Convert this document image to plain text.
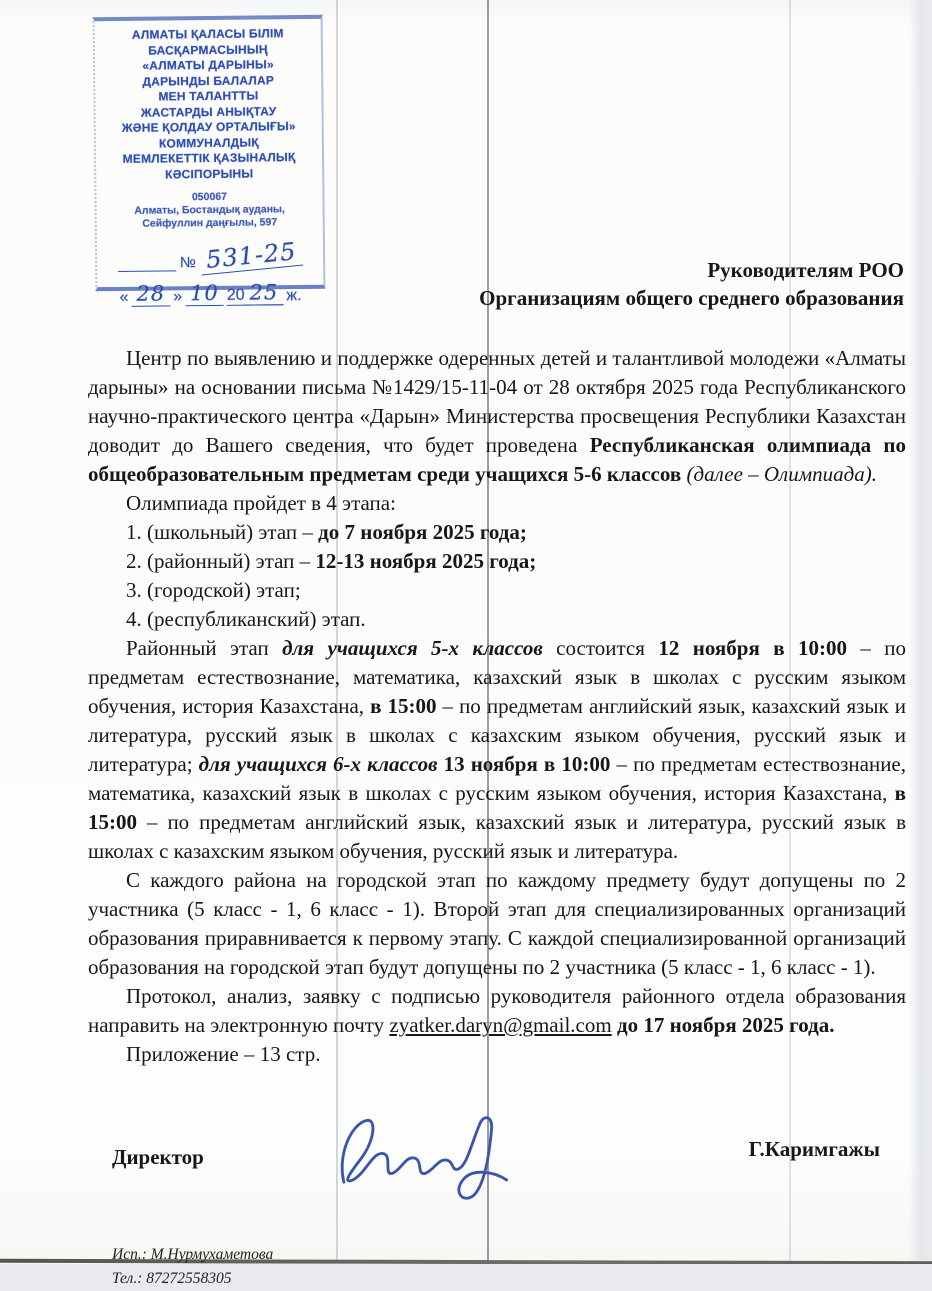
АЛМАТЫ ҚАЛАСЫ БІЛІМ
БАСҚАРМАСЫНЫҢ
«АЛМАТЫ ДАРЫНЫ»
ДАРЫНДЫ БАЛАЛАР
МЕН ТАЛАНТТЫ
ЖАСТАРДЫ АНЫҚТАУ
ЖӘНЕ ҚОЛДАУ ОРТАЛЫҒЫ»
КОММУНАЛДЫҚ
МЕМЛЕКЕТТІК ҚАЗЫНАЛЫҚ
КӘСІПОРЫНЫ
050067
Алматы, Бостандық ауданы,
Сейфуллин даңғылы, 597
№ 531-25
« 28 » 10 20 25 ж.
Руководителям РОО
Организациям общего среднего образования

Центр по выявлению и поддержке одеренных детей и талантливой молодежи «Алматы дарыны» на основании письма №1429/15-11-04 от 28 октября 2025 года Республиканского научно-практического центра «Дарын» Министерства просвещения Республики Казахстан доводит до Вашего сведения, что будет проведена Республиканская олимпиада по общеобразовательным предметам среди учащихся 5-6 классов (далее – Олимпиада).

Олимпиада пройдет в 4 этапа:

1. (школьный) этап – до 7 ноября 2025 года;
2. (районный) этап – 12-13 ноября 2025 года;
3. (городской) этап;
4. (республиканский) этап.

Районный этап для учащихся 5-х классов состоится 12 ноября в 10:00 – по предметам естествознание, математика, казахский язык в школах с русским языком обучения, история Казахстана, в 15:00 – по предметам английский язык, казахский язык и литература, русский язык в школах с казахским языком обучения, русский язык и литература; для учащихся 6-х классов 13 ноября в 10:00 – по предметам естествознание, математика, казахский язык в школах с русским языком обучения, история Казахстана, в 15:00 – по предметам английский язык, казахский язык и литература, русский язык в школах с казахским языком обучения, русский язык и литература.

С каждого района на городской этап по каждому предмету будут допущены по 2 участника (5 класс - 1, 6 класс - 1). Второй этап для специализированных организаций образования приравнивается к первому этапу. С каждой специализированной организаций образования на городской этап будут допущены по 2 участника (5 класс - 1, 6 класс - 1).

Протокол, анализ, заявку с подписью руководителя районного отдела образования направить на электронную почту zyatker.daryn@gmail.com до 17 ноября 2025 года.

Приложение – 13 стр.

Директор	Г.Каримгажы
Исп.: М.Нурмухаметова
Тел.: 87272558305
